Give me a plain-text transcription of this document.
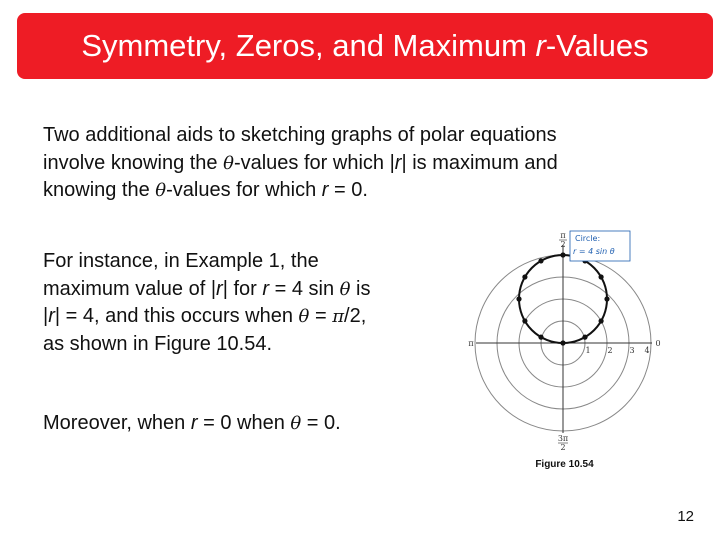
Symmetry, Zeros, and Maximum r-Values

Two additional aids to sketching graphs of polar equations
involve knowing the θ-values for which |r| is maximum and
knowing the θ-values for which r = 0.

For instance, in Example 1, the
maximum value of |r| for r = 4 sin θ is
|r| = 4, and this occurs when θ = π/2,
as shown in Figure 10.54.

Moreover, when r = 0 when θ = 0.

π
2
π	0
3π
2
1 2 3 4
Circle:
r = 4 sin θ
Figure 10.54
12
